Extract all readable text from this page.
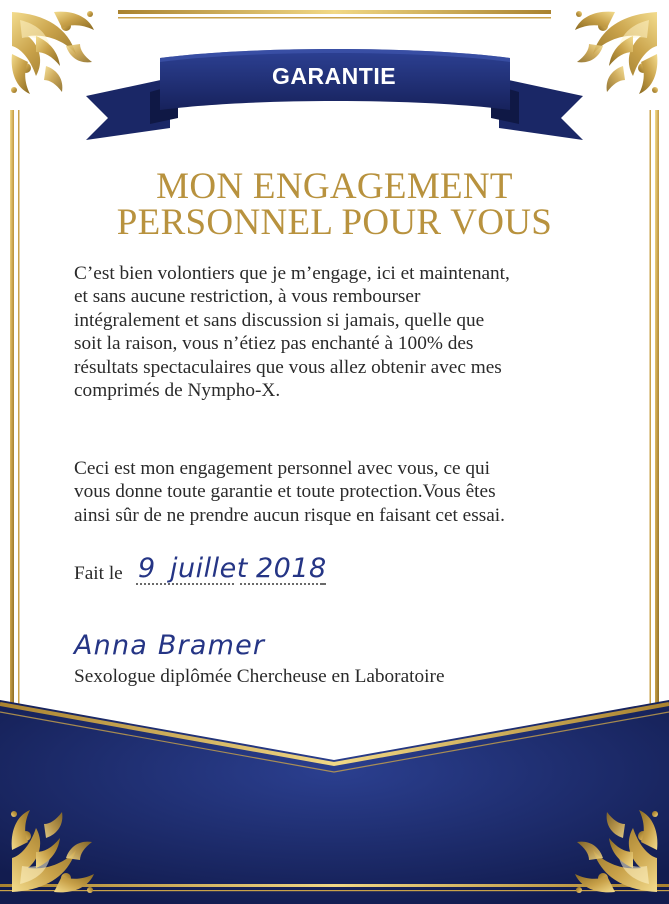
GARANTIE
MON ENGAGEMENT
PERSONNEL POUR VOUS
C’est bien volontiers que je m’engage, ici et maintenant,
et sans aucune restriction, à vous rembourser
intégralement et sans discussion si jamais, quelle que
soit la raison, vous n’étiez pas enchanté à 100% des
résultats spectaculaires que vous allez obtenir avec mes
comprimés de Nympho-X.
Ceci est mon engagement personnel avec vous, ce qui
vous donne toute garantie et toute protection.Vous êtes
ainsi sûr de ne prendre aucun risque en faisant cet essai.
Fait le 9 juillet 2018
Anna Bramer
Sexologue diplômée Chercheuse en Laboratoire
